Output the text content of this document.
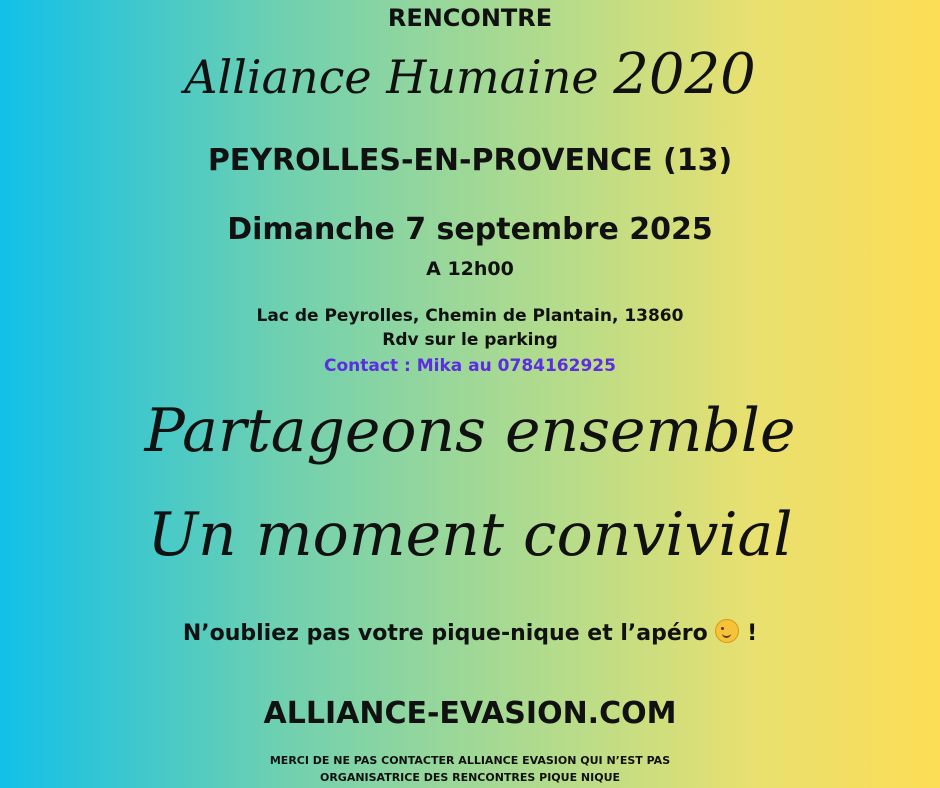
RENCONTRE
Alliance Humaine 2020
PEYROLLES-EN-PROVENCE (13)
Dimanche 7 septembre 2025
A 12h00
Lac de Peyrolles, Chemin de Plantain, 13860
Rdv sur le parking
Contact : Mika au 0784162925
Partageons ensemble
Un moment convivial
N’oubliez pas votre pique-nique et l’apéro !
ALLIANCE-EVASION.COM
MERCI DE NE PAS CONTACTER ALLIANCE EVASION QUI N’EST PAS
ORGANISATRICE DES RENCONTRES PIQUE NIQUE
